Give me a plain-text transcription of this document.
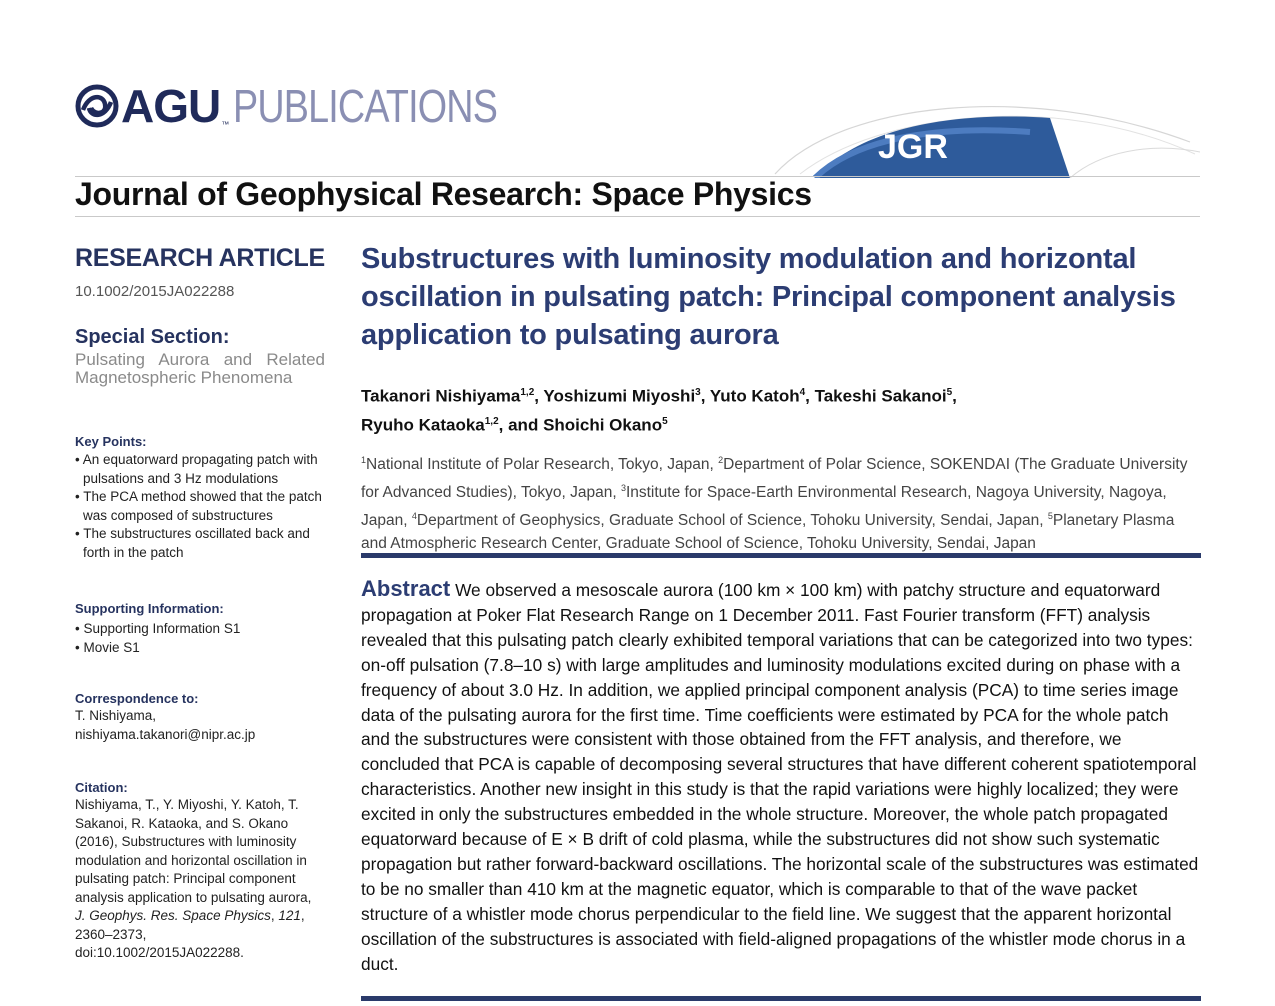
AGU ™ PUBLICATIONS
JGR
Journal of Geophysical Research: Space Physics
RESEARCH ARTICLE
10.1002/2015JA022288
Special Section:
Pulsating Aurora and Related Magnetospheric Phenomena
Key Points:
• An equatorward propagating patch with pulsations and 3 Hz modulations
• The PCA method showed that the patch was composed of substructures
• The substructures oscillated back and forth in the patch
Supporting Information:
• Supporting Information S1
• Movie S1
Correspondence to:
T. Nishiyama,
nishiyama.takanori@nipr.ac.jp
Citation:
Nishiyama, T., Y. Miyoshi, Y. Katoh, T. Sakanoi, R. Kataoka, and S. Okano (2016), Substructures with luminosity modulation and horizontal oscillation in pulsating patch: Principal component analysis application to pulsating aurora, J. Geophys. Res. Space Physics, 121, 2360–2373, doi:10.1002/2015JA022288.
Substructures with luminosity modulation and horizontal oscillation in pulsating patch: Principal component analysis application to pulsating aurora
Takanori Nishiyama$^{1,2}$, Yoshizumi Miyoshi$^3$, Yuto Katoh$^4$, Takeshi Sakanoi$^5$,
Ryuho Kataoka$^{1,2}$, and Shoichi Okano$^5$
$^1$National Institute of Polar Research, Tokyo, Japan, $^2$Department of Polar Science, SOKENDAI (The Graduate University for Advanced Studies), Tokyo, Japan, $^3$Institute for Space-Earth Environmental Research, Nagoya University, Nagoya, Japan, $^4$Department of Geophysics, Graduate School of Science, Tohoku University, Sendai, Japan, $^5$Planetary Plasma and Atmospheric Research Center, Graduate School of Science, Tohoku University, Sendai, Japan
Abstract We observed a mesoscale aurora (100 km × 100 km) with patchy structure and equatorward propagation at Poker Flat Research Range on 1 December 2011. Fast Fourier transform (FFT) analysis revealed that this pulsating patch clearly exhibited temporal variations that can be categorized into two types: on-off pulsation (7.8–10 s) with large amplitudes and luminosity modulations excited during on phase with a frequency of about 3.0 Hz. In addition, we applied principal component analysis (PCA) to time series image data of the pulsating aurora for the first time. Time coefficients were estimated by PCA for the whole patch and the substructures were consistent with those obtained from the FFT analysis, and therefore, we concluded that PCA is capable of decomposing several structures that have different coherent spatiotemporal characteristics. Another new insight in this study is that the rapid variations were highly localized; they were excited in only the substructures embedded in the whole structure. Moreover, the whole patch propagated equatorward because of E × B drift of cold plasma, while the substructures did not show such systematic propagation but rather forward-backward oscillations. The horizontal scale of the substructures was estimated to be no smaller than 410 km at the magnetic equator, which is comparable to that of the wave packet structure of a whistler mode chorus perpendicular to the field line. We suggest that the apparent horizontal oscillation of the substructures is associated with field-aligned propagations of the whistler mode chorus in a duct.
